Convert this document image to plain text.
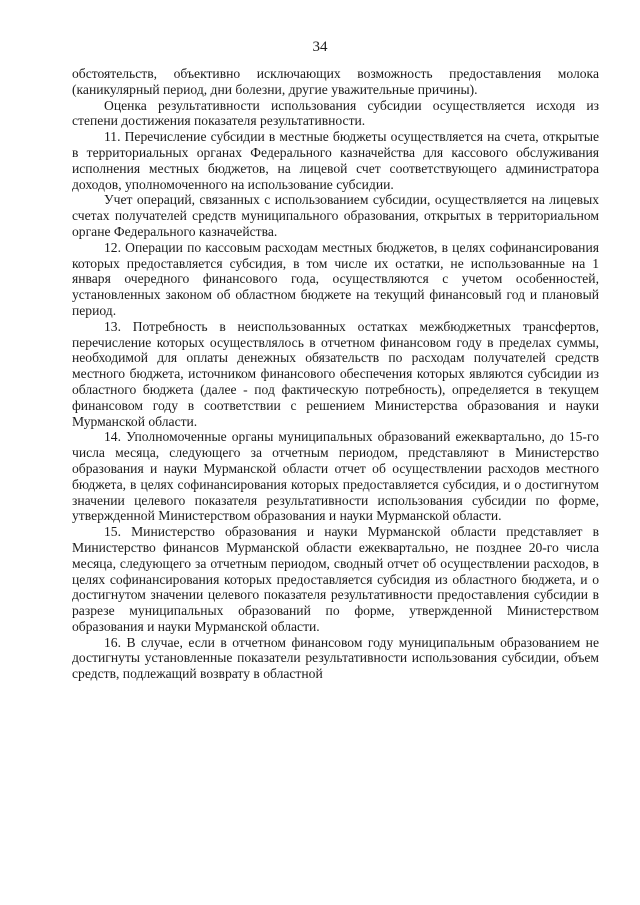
34

обстоятельств, объективно исключающих возможность предоставления молока (каникулярный период, дни болезни, другие уважительные причины).

Оценка результативности использования субсидии осуществляется исходя из степени достижения показателя результативности.

11. Перечисление субсидии в местные бюджеты осуществляется на счета, открытые в территориальных органах Федерального казначейства для кассового обслуживания исполнения местных бюджетов, на лицевой счет соответствующего администратора доходов, уполномоченного на использование субсидии.

Учет операций, связанных с использованием субсидии, осуществляется на лицевых счетах получателей средств муниципального образования, открытых в территориальном органе Федерального казначейства.

12. Операции по кассовым расходам местных бюджетов, в целях софинансирования которых предоставляется субсидия, в том числе их остатки, не использованные на 1 января очередного финансового года, осуществляются с учетом особенностей, установленных законом об областном бюджете на текущий финансовый год и плановый период.

13. Потребность в неиспользованных остатках межбюджетных трансфертов, перечисление которых осуществлялось в отчетном финансовом году в пределах суммы, необходимой для оплаты денежных обязательств по расходам получателей средств местного бюджета, источником финансового обеспечения которых являются субсидии из областного бюджета (далее - под фактическую потребность), определяется в текущем финансовом году в соответствии с решением Министерства образования и науки Мурманской области.

14. Уполномоченные органы муниципальных образований ежеквартально, до 15-го числа месяца, следующего за отчетным периодом, представляют в Министерство образования и науки Мурманской области отчет об осуществлении расходов местного бюджета, в целях софинансирования которых предоставляется субсидия, и о достигнутом значении целевого показателя результативности использования субсидии по форме, утвержденной Министерством образования и науки Мурманской области.

15. Министерство образования и науки Мурманской области представляет в Министерство финансов Мурманской области ежеквартально, не позднее 20-го числа месяца, следующего за отчетным периодом, сводный отчет об осуществлении расходов, в целях софинансирования которых предоставляется субсидия из областного бюджета, и о достигнутом значении целевого показателя результативности предоставления субсидии в разрезе муниципальных образований по форме, утвержденной Министерством образования и науки Мурманской области.

16. В случае, если в отчетном финансовом году муниципальным образованием не достигнуты установленные показатели результативности использования субсидии, объем средств, подлежащий возврату в областной
